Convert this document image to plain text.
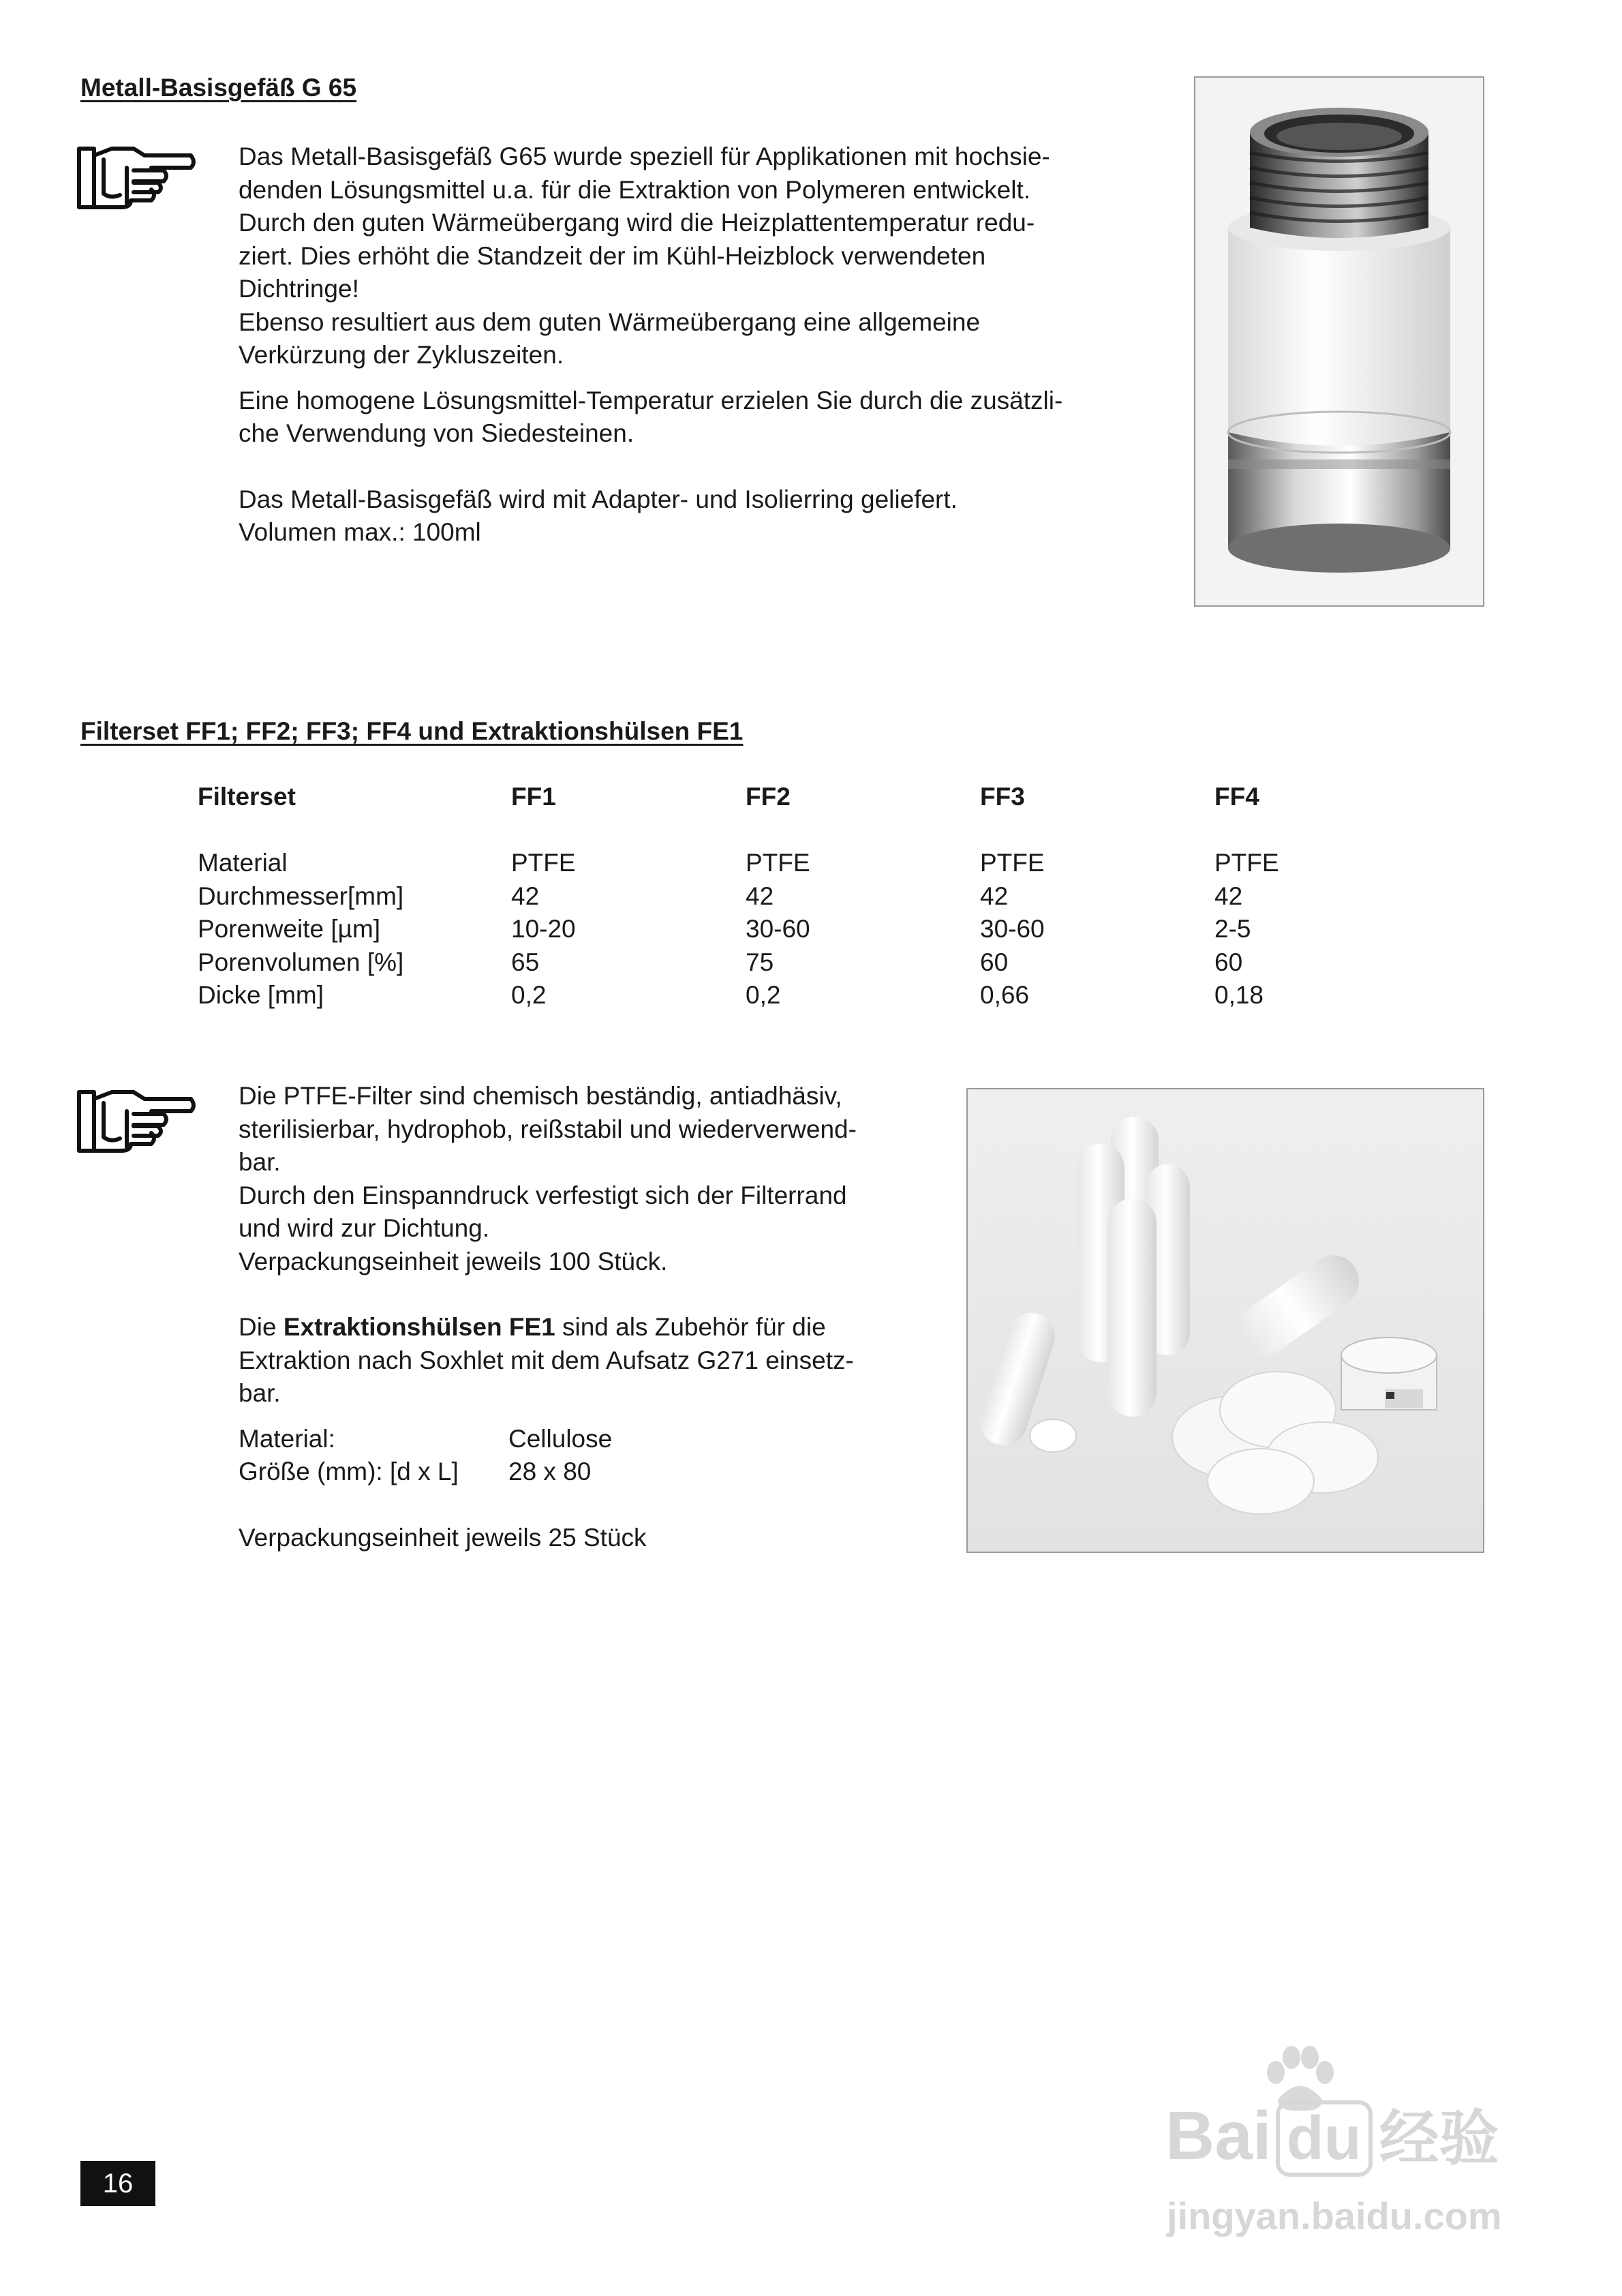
Metall-Basisgefäß G 65
Das Metall-Basisgefäß G65 wurde speziell für Applikationen mit hochsie-
denden Lösungsmittel u.a. für die Extraktion von Polymeren entwickelt.
Durch den guten Wärmeübergang wird die Heizplattentemperatur redu-
ziert. Dies erhöht die Standzeit der im Kühl-Heizblock verwendeten
Dichtringe!
Ebenso resultiert aus dem guten Wärmeübergang eine allgemeine
Verkürzung der Zykluszeiten.
Eine homogene Lösungsmittel-Temperatur erzielen Sie durch die zusätzli-
che Verwendung von Siedesteinen.
Das Metall-Basisgefäß wird mit Adapter- und Isolierring geliefert.
Volumen max.: 100ml
Filterset FF1; FF2; FF3; FF4 und Extraktionshülsen FE1
Filterset	FF1	FF2	FF3	FF4

Material	PTFE	PTFE	PTFE	PTFE
Durchmesser[mm]	42	42	42	42
Porenweite [µm]	10-20	30-60	30-60	2-5
Porenvolumen [%]	65	75	60	60
Dicke [mm]	0,2	0,2	0,66	0,18
Die PTFE-Filter sind chemisch beständig, antiadhäsiv,
sterilisierbar, hydrophob, reißstabil und wiederverwend-
bar.
Durch den Einspanndruck verfestigt sich der Filterrand
und wird zur Dichtung.
Verpackungseinheit jeweils 100 Stück.
Die Extraktionshülsen FE1 sind als Zubehör für die
Extraktion nach Soxhlet mit dem Aufsatz G271 einsetz-
bar.
Material:	Cellulose
Größe (mm): [d x L] 28 x 80
Verpackungseinheit jeweils 25 Stück
16
Bai du 经验
jingyan.baidu.com
